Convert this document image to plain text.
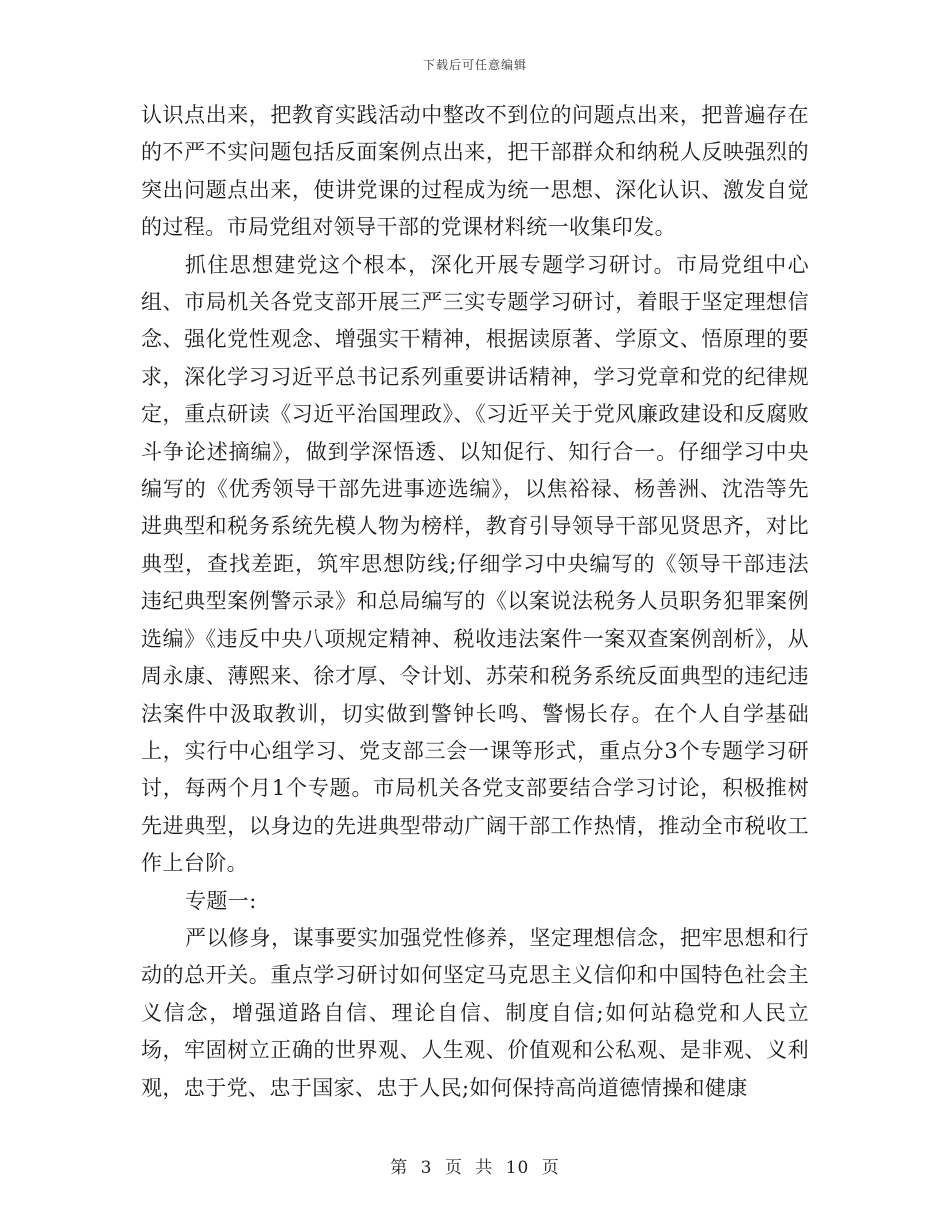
下载后可任意编辑

认识点出来，把教育实践活动中整改不到位的问题点出来，把普遍存在的不严不实问题包括反面案例点出来，把干部群众和纳税人反映强烈的突出问题点出来，使讲党课的过程成为统一思想、深化认识、激发自觉的过程。市局党组对领导干部的党课材料统一收集印发。

抓住思想建党这个根本，深化开展专题学习研讨。市局党组中心组、市局机关各党支部开展三严三实专题学习研讨，着眼于坚定理想信念、强化党性观念、增强实干精神，根据读原著、学原文、悟原理的要求，深化学习习近平总书记系列重要讲话精神，学习党章和党的纪律规定，重点研读《习近平治国理政》、《习近平关于党风廉政建设和反腐败斗争论述摘编》，做到学深悟透、以知促行、知行合一。仔细学习中央编写的《优秀领导干部先进事迹选编》，以焦裕禄、杨善洲、沈浩等先进典型和税务系统先模人物为榜样，教育引导领导干部见贤思齐，对比典型，查找差距，筑牢思想防线;仔细学习中央编写的《领导干部违法违纪典型案例警示录》和总局编写的《以案说法税务人员职务犯罪案例选编》《违反中央八项规定精神、税收违法案件一案双查案例剖析》，从周永康、薄熙来、徐才厚、令计划、苏荣和税务系统反面典型的违纪违法案件中汲取教训，切实做到警钟长鸣、警惕长存。在个人自学基础上，实行中心组学习、党支部三会一课等形式，重点分3个专题学习研讨，每两个月1个专题。市局机关各党支部要结合学习讨论，积极推树先进典型，以身边的先进典型带动广阔干部工作热情，推动全市税收工作上台阶。

专题一:

严以修身，谋事要实加强党性修养，坚定理想信念，把牢思想和行动的总开关。重点学习研讨如何坚定马克思主义信仰和中国特色社会主义信念，增强道路自信、理论自信、制度自信;如何站稳党和人民立场，牢固树立正确的世界观、人生观、价值观和公私观、是非观、义利观，忠于党、忠于国家、忠于人民;如何保持高尚道德情操和健康

第 3 页 共 10 页
